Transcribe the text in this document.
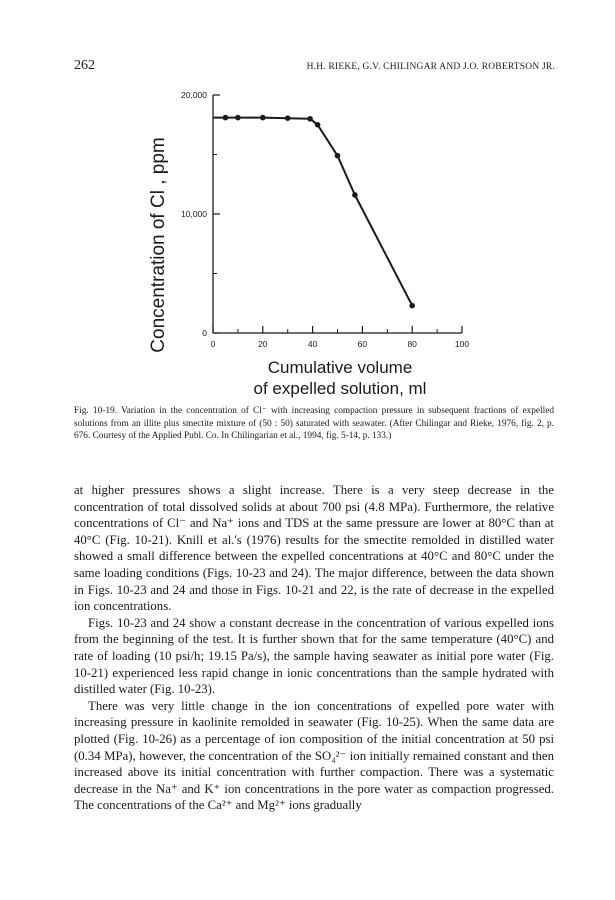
262	H.H. RIEKE, G.V. CHILINGAR AND J.O. ROBERTSON JR.
0	20	40	60	80	100
0
10,000
20,000
Concentration of Cl , ppm
Cumulative volume
of expelled solution, ml
Fig. 10-19. Variation in the concentration of Cl⁻ with increasing compaction pressure in subsequent fractions of expelled solutions from an illite plus smectite mixture of (50 : 50) saturated with seawater. (After Chilingar and Rieke, 1976, fig. 2, p. 676. Courtesy of the Applied Publ. Co. In Chilingarian et al., 1994, fig. 5-14, p. 133.)

at higher pressures shows a slight increase. There is a very steep decrease in the concentration of total dissolved solids at about 700 psi (4.8 MPa). Furthermore, the relative concentrations of Cl⁻ and Na⁺ ions and TDS at the same pressure are lower at 80°C than at 40°C (Fig. 10-21). Knill et al.'s (1976) results for the smectite remolded in distilled water showed a small difference between the expelled concentrations at 40°C and 80°C under the same loading conditions (Figs. 10-23 and 24). The major difference, between the data shown in Figs. 10-23 and 24 and those in Figs. 10-21 and 22, is the rate of decrease in the expelled ion concentrations.

Figs. 10-23 and 24 show a constant decrease in the concentration of various expelled ions from the beginning of the test. It is further shown that for the same temperature (40°C) and rate of loading (10 psi/h; 19.15 Pa/s), the sample having seawater as initial pore water (Fig. 10-21) experienced less rapid change in ionic concentrations than the sample hydrated with distilled water (Fig. 10-23).

There was very little change in the ion concentrations of expelled pore water with increasing pressure in kaolinite remolded in seawater (Fig. 10-25). When the same data are plotted (Fig. 10-26) as a percentage of ion composition of the initial concentration at 50 psi (0.34 MPa), however, the concentration of the SO₄²⁻ ion initially remained constant and then increased above its initial concentration with further compaction. There was a systematic decrease in the Na⁺ and K⁺ ion concentrations in the pore water as compaction progressed. The concentrations of the Ca²⁺ and Mg²⁺ ions gradually
